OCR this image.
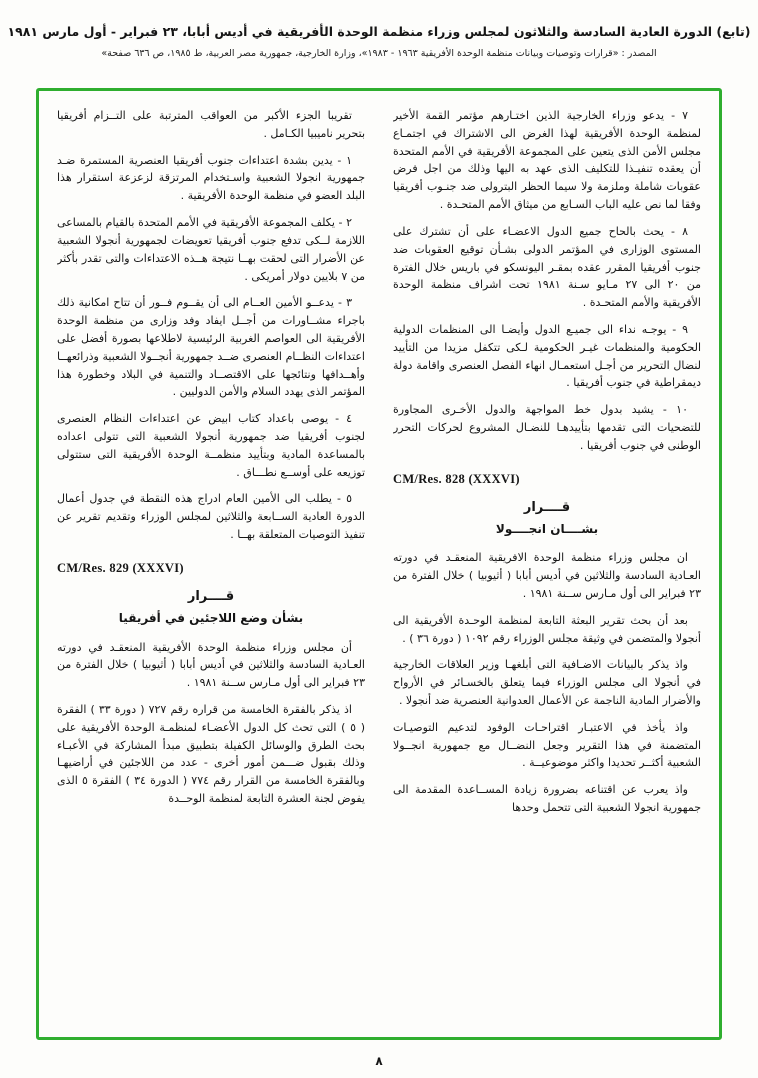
(تابع) الدورة العادية السادسة والثلاثون لمجلس وزراء منظمة الوحدة الأفريقية في أديس أبابا، ٢٣ فبراير - أول مارس ١٩٨١
المصدر : «قرارات وتوصيات وبيانات منظمة الوحدة الأفريقية ١٩٦٣ - ١٩٨٣»، وزارة الخارجية، جمهورية مصر العربية، ط ١٩٨٥، ص ٦٣٦ صفحة»

٧ - يدعو وزراء الخارجية الذين اختـارهم مؤتمر القمة الأخير لمنظمة الوحدة الأفريقية لهذا الغرض الى الاشتراك في اجتمـاع مجلس الأمن الذى يتعين على المجموعة الأفريقية في الأمم المتحدة أن يعقده تنفيـذا للتكليف الذى عهد به اليها وذلك من اجل فرض عقوبات شاملة وملزمة ولا سيما الحظر البترولى ضد جنـوب أفريقيا وفقا لما نص عليه الباب السـابع من ميثاق الأمم المتحـدة .

٨ - يحث بالحاح جميع الدول الاعضـاء على أن تشترك على المستوى الوزارى في المؤتمر الدولى بشـأن توقيع العقوبات ضد جنوب أفريقيا المقرر عقده بمقـر اليونسكو في باريس خلال الفترة من ٢٠ الى ٢٧ مـايو سـنة ١٩٨١ تحت اشراف منظمة الوحدة الأفريقية والأمم المتحـدة .

٩ - يوجـه نداء الى جميـع الدول وأيضـا الى المنظمات الدولية الحكومية والمنظمات غيـر الحكومية لـكى تتكفل مزيدا من التأييد لنضال التحرير من أجـل استعمـال انهاء الفصل العنصرى واقامة دولة ديمقراطية في جنوب أفريقيا .

١٠ - يشيد بدول خط المواجهة والدول الأخـرى المجاورة للتضحيات التى تقدمها بتأييدهـا للنضـال المشروع لحركات التحرر الوطنى في جنوب أفريقيا .

CM/Res. 828 (XXXVI)
قــــرار
بشــــان انجــــولا

ان مجلس وزراء منظمة الوحدة الافريقية المنعقـد في دورته العـادية السادسة والثلاثين في أديس أبابا ( أثيوبيا ) خلال الفترة من ٢٣ فبراير الى أول مـارس ســنة ١٩٨١ .

بعد أن بحث تقرير البعثة التابعة لمنظمة الوحـدة الأفريقية الى أنجولا والمتضمن في وثيقة مجلس الوزراء رقم ١٠٩٢ ( دورة ٣٦ ) .

واذ يذكر بالبيانات الاضـافية التى أبلغهـا وزير العلاقات الخارجية في أنجولا الى مجلس الوزراء فيما يتعلق بالخسـائر في الأرواح والأضرار المادية الناجمة عن الأعمال العدوانية العنصرية ضد أنجولا .

واذ يأخذ في الاعتبـار اقتراحـات الوفود لتدعيم التوصيـات المتضمنة في هذا التقرير وجعل النضــال مع جمهورية انجــولا الشعبية أكثــر تحديدا واكثر موضوعيــة .

واذ يعرب عن اقتناعه بضرورة زيادة المســاعدة المقدمة الى جمهورية انجولا الشعبية التى تتحمل وحدها

تقريبا الجزء الأكبر من العواقب المترتبة على التــزام أفريقيا بتحرير ناميبيا الكـامل .

١ - يدين بشدة اعتداءات جنوب أفريقيا العنصرية المستمرة ضـد جمهورية انجولا الشعبية واسـتخدام المرتزقة لزعزعة استقرار هذا البلد العضو في منظمة الوحدة الأفريقية .

٢ - يكلف المجموعة الأفريقية في الأمم المتحدة بالقيام بالمساعى اللازمة لــكى تدفع جنوب أفريقيا تعويضات لجمهورية أنجولا الشعبية عن الأضرار التى لحقت بهــا نتيجة هــذه الاعتداءات والتى تقدر بأكثر من ٧ بلايين دولار أمريكى .

٣ - يدعــو الأمين العــام الى أن يقــوم فــور أن تتاح امكانية ذلك باجراء مشــاورات من أجــل ايفاد وفد وزارى من منظمة الوحدة الأفريقية الى العواصم الغربية الرئيسية لاطلاعها بصورة أفضل على اعتداءات النظــام العنصرى ضــد جمهورية أنجــولا الشعبية وذرائعهــا وأهــدافها ونتائجها على الاقتصــاد والتنمية في البلاد وخطورة هذا المؤتمر الذى يهدد السلام والأمن الدوليين .

٤ - يوصى باعداد كتاب ابيض عن اعتداءات النظام العنصرى لجنوب أفريقيا ضد جمهورية أنجولا الشعبية التى تتولى اعداده بالمساعدة المادية وبتأييد منظمــة الوحدة الأفريقية التى ستتولى توزيعه على أوســع نطـــاق .

٥ - يطلب الى الأمين العام ادراج هذه النقطة في جدول أعمال الدورة العادية الســابعة والثلاثين لمجلس الوزراء وتقديم تقرير عن تنفيذ التوصيات المتعلقة بهــا .

CM/Res. 829 (XXXVI)
قــــرار
بشأن وضع اللاجئين في أفريقيا

أن مجلس وزراء منظمة الوحدة الأفريقية المنعقـد في دورته العـادية السادسة والثلاثين في أديس أبابا ( أثيوبيا ) خلال الفترة من ٢٣ فبراير الى أول مـارس ســنة ١٩٨١ .

اذ يذكر بالفقرة الخامسة من قراره رقم ٧٢٧ ( دورة ٣٣ ) الفقرة ( ٥ ) التى تحث كل الدول الأعضـاء لمنظمـة الوحدة الأفريقية على بحث الطرق والوسائل الكفيلة بتطبيق مبدأ المشاركة في الأعبـاء وذلك بقبول ضـــمن أمور أخرى - عدد من اللاجئين في أراضيهـا وبالفقرة الخامسة من القرار رقم ٧٧٤ ( الدورة ٣٤ ) الفقرة ٥ الذى يفوض لجنة العشرة التابعة لمنظمة الوحــدة

٨
